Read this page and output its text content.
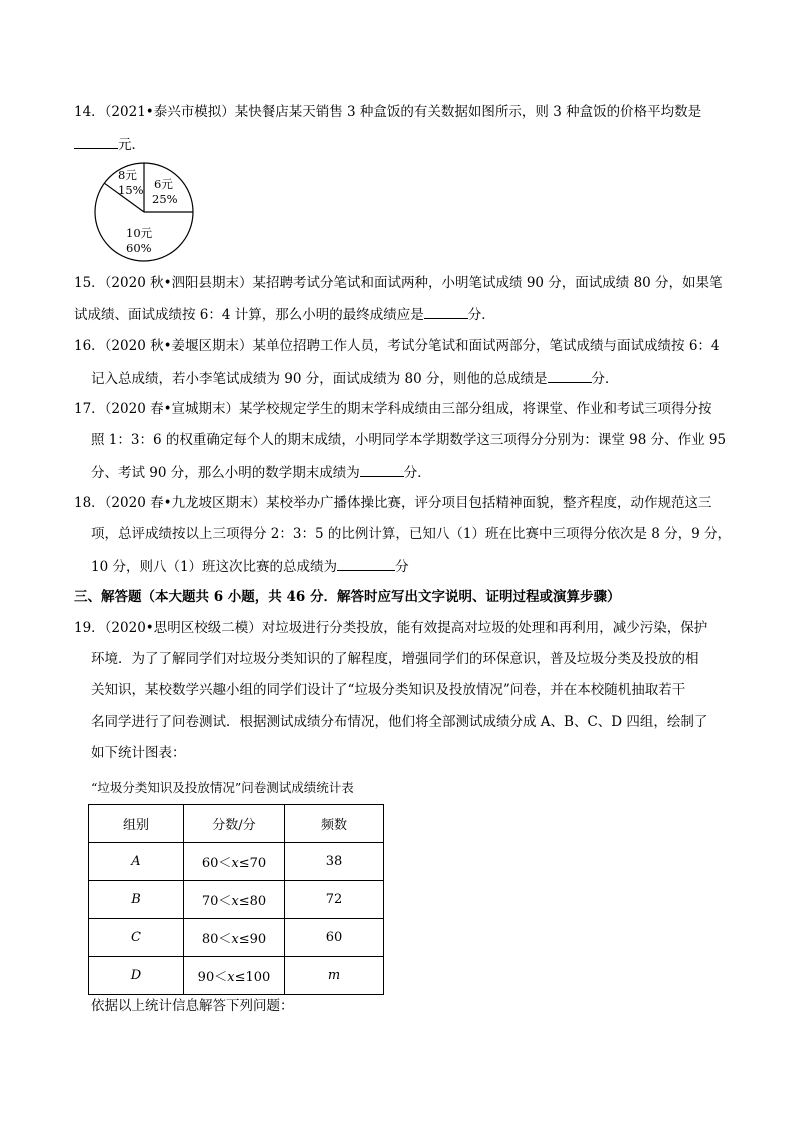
14．（2021•泰兴市模拟）某快餐店某天销售 3 种盒饭的有关数据如图所示，则 3 种盒饭的价格平均数是
元．
6元
25%
10元
60%
8元
15%
15．（2020 秋•泗阳县期末）某招聘考试分笔试和面试两种，小明笔试成绩 90 分，面试成绩 80 分，如果笔
试成绩、面试成绩按 6：4 计算，那么小明的最终成绩应是	分．
16．（2020 秋•姜堰区期末）某单位招聘工作人员，考试分笔试和面试两部分，笔试成绩与面试成绩按 6：4
记入总成绩，若小李笔试成绩为 90 分，面试成绩为 80 分，则他的总成绩是	分．
17．（2020 春•宣城期末）某学校规定学生的期末学科成绩由三部分组成，将课堂、作业和考试三项得分按
照 1：3：6 的权重确定每个人的期末成绩，小明同学本学期数学这三项得分分别为：课堂 98 分、作业 95
分、考试 90 分，那么小明的数学期末成绩为	分．
18．（2020 春•九龙坡区期末）某校举办广播体操比赛，评分项目包括精神面貌，整齐程度，动作规范这三
项，总评成绩按以上三项得分 2：3：5 的比例计算，已知八（1）班在比赛中三项得分依次是 8 分，9 分，
10 分，则八（1）班这次比赛的总成绩为	分
三、解答题（本大题共 6 小题，共 46 分．解答时应写出文字说明、证明过程或演算步骤）
19．（2020•思明区校级二模）对垃圾进行分类投放，能有效提高对垃圾的处理和再利用，减少污染，保护
环境．为了了解同学们对垃圾分类知识的了解程度，增强同学们的环保意识，普及垃圾分类及投放的相
关知识，某校数学兴趣小组的同学们设计了“垃圾分类知识及投放情况”问卷，并在本校随机抽取若干
名同学进行了问卷测试．根据测试成绩分布情况，他们将全部测试成绩分成 A、B、C、D 四组，绘制了
如下统计图表：
“垃圾分类知识及投放情况”问卷测试成绩统计表
组别	分数/分	频数
A	60＜x≤70	38
B	70＜x≤80	72
C	80＜x≤90	60
D	90＜x≤100	m
依据以上统计信息解答下列问题：
